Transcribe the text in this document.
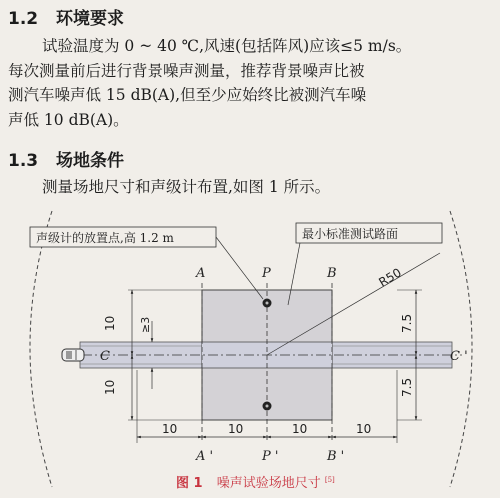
1.2 环境要求
试验温度为 0 ~ 40 ℃,风速(包括阵风)应该≤5 m/s。
每次测量前后进行背景噪声测量，推荐背景噪声比被
测汽车噪声低 15 dB(A),但至少应始终比被测汽车噪
声低 10 dB(A)。
1.3 场地条件
测量场地尺寸和声级计布置,如图 1 所示。
声级计的放置点,高 1.2 m	最小标准测试路面
R50
A	P	B
A '	P '	B '
C	C '
10	10	10	10
10
10
≥3	7.5
7.5
图 1 噪声试验场地尺寸 [5]
